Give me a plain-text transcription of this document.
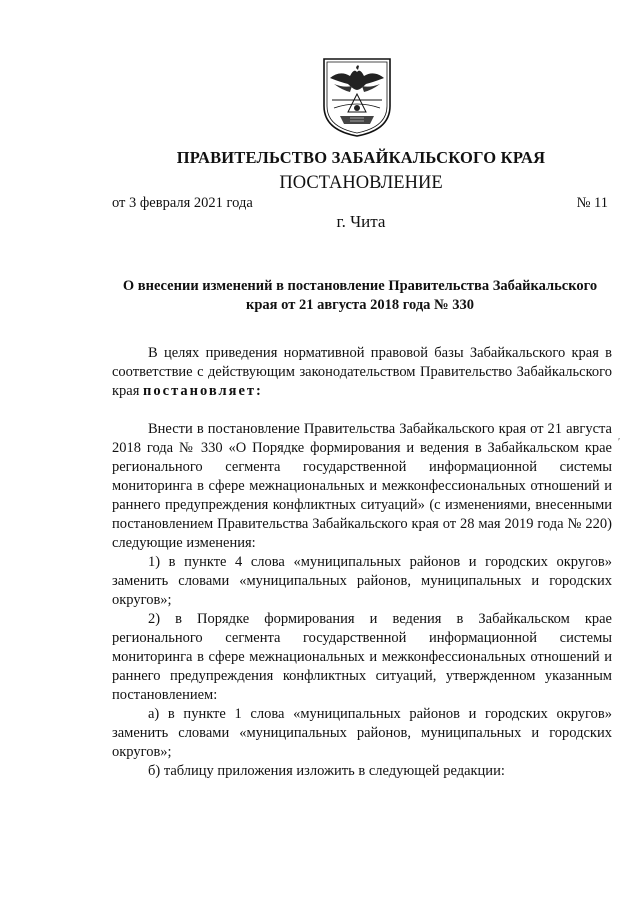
ПРАВИТЕЛЬСТВО ЗАБАЙКАЛЬСКОГО КРАЯ
ПОСТАНОВЛЕНИЕ
от 3 февраля 2021 года	№ 11
г. Чита
О внесении изменений в постановление Правительства Забайкальского
края от 21 августа 2018 года № 330

В целях приведения нормативной правовой базы Забайкальского края в соответствие с действующим законодательством Правительство Забайкальского края постановляет:

Внести в постановление Правительства Забайкальского края от 21 августа 2018 года № 330 «О Порядке формирования и ведения в Забайкальском крае регионального сегмента государственной информационной системы мониторинга в сфере межнациональных и межконфессиональных отношений и раннего предупреждения конфликтных ситуаций» (с изменениями, внесенными постановлением Правительства Забайкальского края от 28 мая 2019 года № 220) следующие изменения:

1) в пункте 4 слова «муниципальных районов и городских округов» заменить словами «муниципальных районов, муниципальных и городских округов»;

2) в Порядке формирования и ведения в Забайкальском крае регионального сегмента государственной информационной системы мониторинга в сфере межнациональных и межконфессиональных отношений и раннего предупреждения конфликтных ситуаций, утвержденном указанным постановлением:

а) в пункте 1 слова «муниципальных районов и городских округов» заменить словами «муниципальных районов, муниципальных и городских округов»;

б) таблицу приложения изложить в следующей редакции:

′
